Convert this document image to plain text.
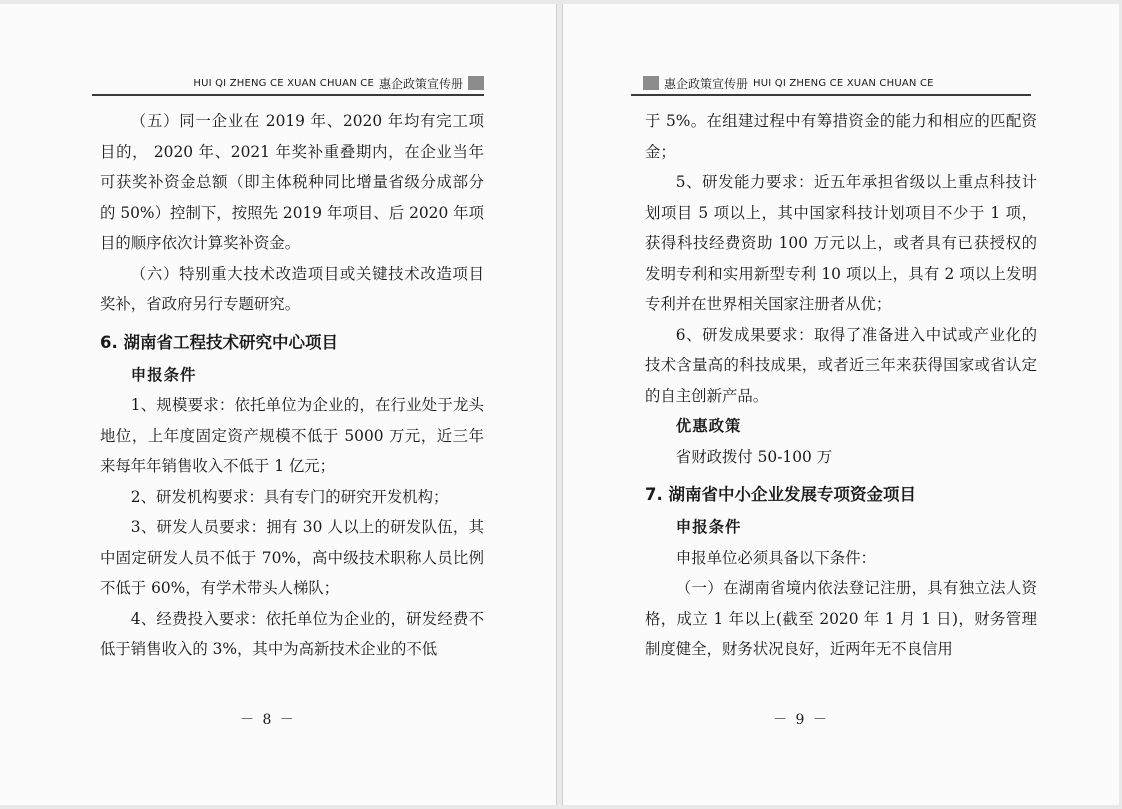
HUI QI ZHENG CE XUAN CHUAN CE 惠企政策宣传册

（五）同一企业在 2019 年、2020 年均有完工项目的， 2020 年、2021 年奖补重叠期内，在企业当年可获奖补资金总额（即主体税种同比增量省级分成部分的 50%）控制下，按照先 2019 年项目、后 2020 年项目的顺序依次计算奖补资金。

（六）特别重大技术改造项目或关键技术改造项目奖补，省政府另行专题研究。

6. 湖南省工程技术研究中心项目

申报条件

1、规模要求：依托单位为企业的，在行业处于龙头地位，上年度固定资产规模不低于 5000 万元，近三年来每年年销售收入不低于 1 亿元；

2、研发机构要求：具有专门的研究开发机构；

3、研发人员要求：拥有 30 人以上的研发队伍，其中固定研发人员不低于 70%，高中级技术职称人员比例不低于 60%，有学术带头人梯队；

4、经费投入要求：依托单位为企业的，研发经费不低于销售收入的 3%，其中为高新技术企业的不低

－ 8 －
惠企政策宣传册 HUI QI ZHENG CE XUAN CHUAN CE

于 5%。在组建过程中有筹措资金的能力和相应的匹配资金；

5、研发能力要求：近五年承担省级以上重点科技计划项目 5 项以上，其中国家科技计划项目不少于 1 项，获得科技经费资助 100 万元以上，或者具有已获授权的发明专利和实用新型专利 10 项以上，具有 2 项以上发明专利并在世界相关国家注册者从优；

6、研发成果要求：取得了准备进入中试或产业化的技术含量高的科技成果，或者近三年来获得国家或省认定的自主创新产品。

优惠政策

省财政拨付 50-100 万

7. 湖南省中小企业发展专项资金项目

申报条件

申报单位必须具备以下条件：

（一）在湖南省境内依法登记注册，具有独立法人资格，成立 1 年以上(截至 2020 年 1 月 1 日)，财务管理制度健全，财务状况良好，近两年无不良信用

－ 9 －
